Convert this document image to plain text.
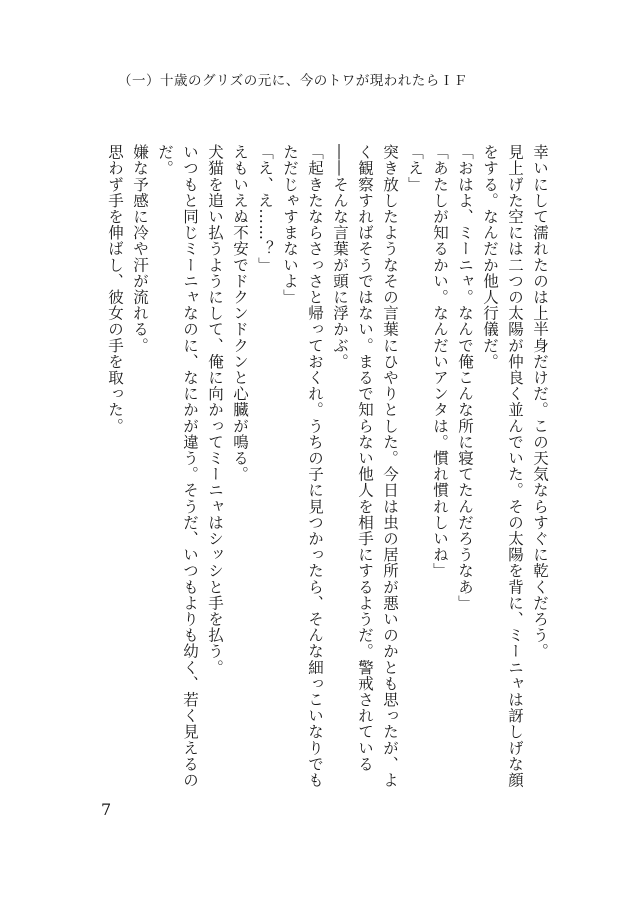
（一）十歳のグリズの元に、今のトワが現われたらＩＦ

幸いにして濡れたのは上半身だけだ。この天気ならすぐに乾くだろう。

見上げた空には二つの太陽が仲良く並んでいた。その太陽を背に、ミーニャは訝しげな顔をする。なんだか他人行儀だ。

「おはよ、ミーニャ。なんで俺こんな所に寝てたんだろうなあ」

「あたしが知るかい。なんだいアンタは。慣れ慣れしいね」

「え」

突き放したようなその言葉にひやりとした。今日は虫の居所が悪いのかとも思ったが、よく観察すればそうではない。まるで知らない他人を相手にするようだ。警戒されている――そんな言葉が頭に浮かぶ。

「起きたならさっさと帰っておくれ。うちの子に見つかったら、そんな細っこいなりでもただじゃすまないよ」

「え、え……？」

えもいえぬ不安でドクンドクンと心臓が鳴る。

犬猫を追い払うようにして、俺に向かってミーニャはシッシと手を払う。

いつもと同じミーニャなのに、なにかが違う。そうだ、いつもよりも幼く、若く見えるのだ。

嫌な予感に冷や汗が流れる。

思わず手を伸ばし、彼女の手を取った。

7
